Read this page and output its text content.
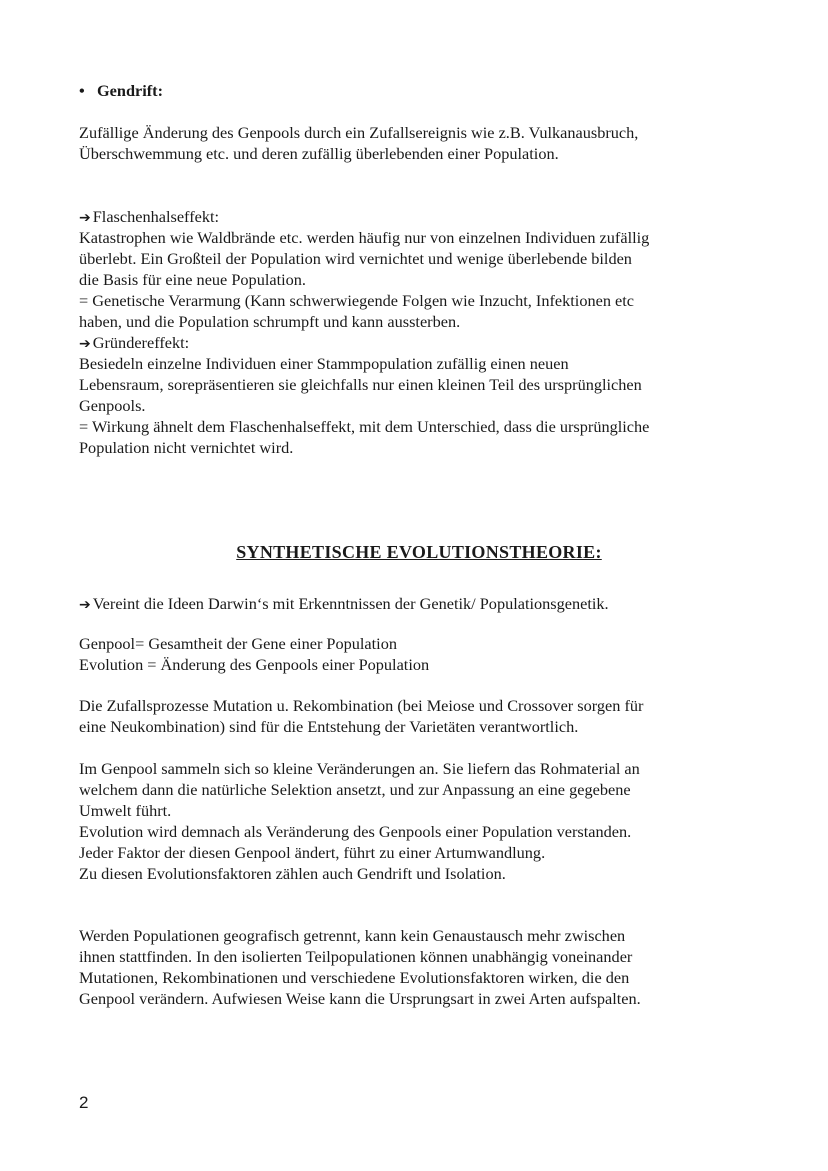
• Gendrift:
Zufällige Änderung des Genpools durch ein Zufallsereignis wie z.B. Vulkanausbruch,
Überschwemmung etc. und deren zufällig überlebenden einer Population.
➔ Flaschenhalseffekt:
Katastrophen wie Waldbrände etc. werden häufig nur von einzelnen Individuen zufällig
überlebt. Ein Großteil der Population wird vernichtet und wenige überlebende bilden
die Basis für eine neue Population.
= Genetische Verarmung (Kann schwerwiegende Folgen wie Inzucht, Infektionen etc
haben, und die Population schrumpft und kann aussterben.
➔ Gründereffekt:
Besiedeln einzelne Individuen einer Stammpopulation zufällig einen neuen
Lebensraum, sorepräsentieren sie gleichfalls nur einen kleinen Teil des ursprünglichen
Genpools.
= Wirkung ähnelt dem Flaschenhalseffekt, mit dem Unterschied, dass die ursprüngliche
Population nicht vernichtet wird.
SYNTHETISCHE EVOLUTIONSTHEORIE:
➔ Vereint die Ideen Darwin‘s mit Erkenntnissen der Genetik/ Populationsgenetik.
Genpool= Gesamtheit der Gene einer Population
Evolution = Änderung des Genpools einer Population
Die Zufallsprozesse Mutation u. Rekombination (bei Meiose und Crossover sorgen für
eine Neukombination) sind für die Entstehung der Varietäten verantwortlich.
Im Genpool sammeln sich so kleine Veränderungen an. Sie liefern das Rohmaterial an
welchem dann die natürliche Selektion ansetzt, und zur Anpassung an eine gegebene
Umwelt führt.
Evolution wird demnach als Veränderung des Genpools einer Population verstanden.
Jeder Faktor der diesen Genpool ändert, führt zu einer Artumwandlung.
Zu diesen Evolutionsfaktoren zählen auch Gendrift und Isolation.
Werden Populationen geografisch getrennt, kann kein Genaustausch mehr zwischen
ihnen stattfinden. In den isolierten Teilpopulationen können unabhängig voneinander
Mutationen, Rekombinationen und verschiedene Evolutionsfaktoren wirken, die den
Genpool verändern. Aufwiesen Weise kann die Ursprungsart in zwei Arten aufspalten.
2
